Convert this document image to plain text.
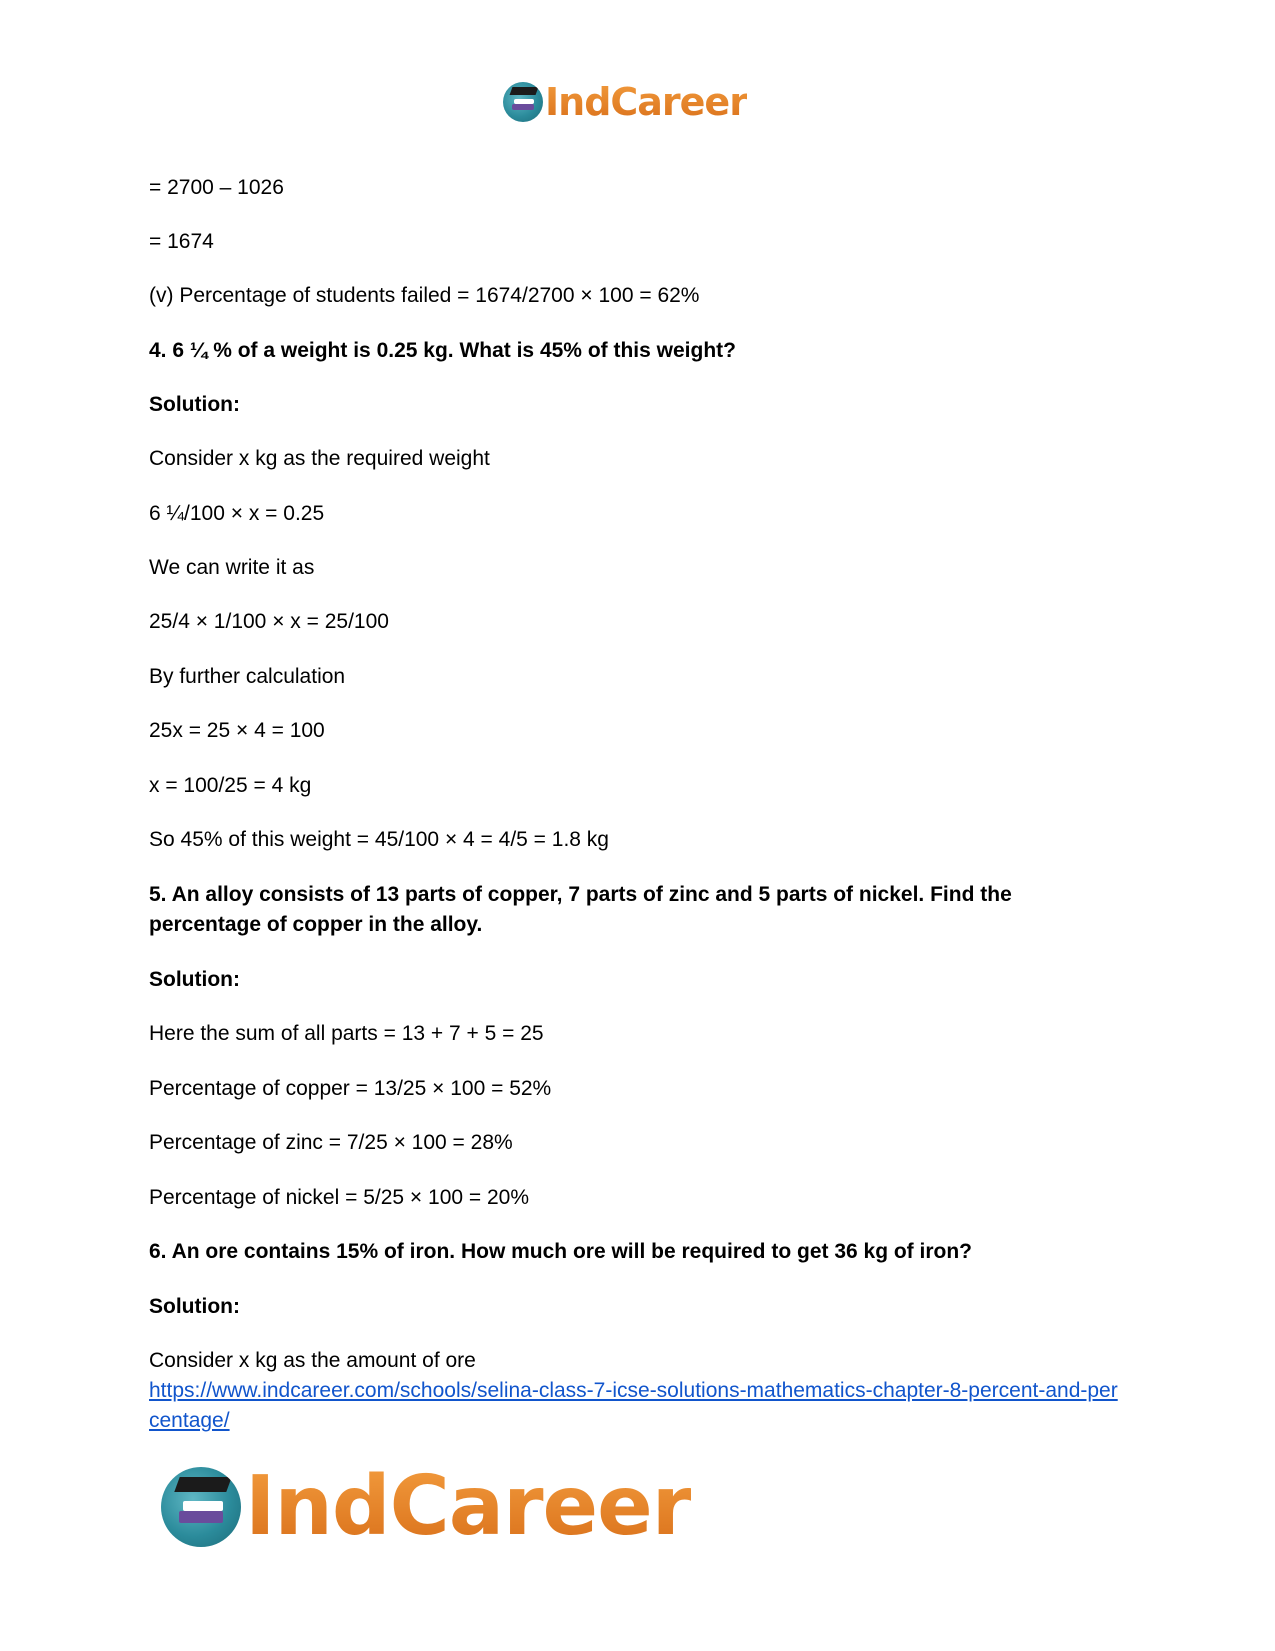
IndCareer
= 2700 – 1026
= 1674
(v) Percentage of students failed = 1674/2700 × 100 = 62%
4. 6 ¼ % of a weight is 0.25 kg. What is 45% of this weight?
Solution:
Consider x kg as the required weight
6 ¼/100 × x = 0.25
We can write it as
25/4 × 1/100 × x = 25/100
By further calculation
25x = 25 × 4 = 100
x = 100/25 = 4 kg
So 45% of this weight = 45/100 × 4 = 4/5 = 1.8 kg
5. An alloy consists of 13 parts of copper, 7 parts of zinc and 5 parts of nickel. Find the percentage of copper in the alloy.
Solution:
Here the sum of all parts = 13 + 7 + 5 = 25
Percentage of copper = 13/25 × 100 = 52%
Percentage of zinc = 7/25 × 100 = 28%
Percentage of nickel = 5/25 × 100 = 20%
6. An ore contains 15% of iron. How much ore will be required to get 36 kg of iron?
Solution:
Consider x kg as the amount of ore
https://www.indcareer.com/schools/selina-class-7-icse-solutions-mathematics-chapter-8-percent-and-percentage/
IndCareer
